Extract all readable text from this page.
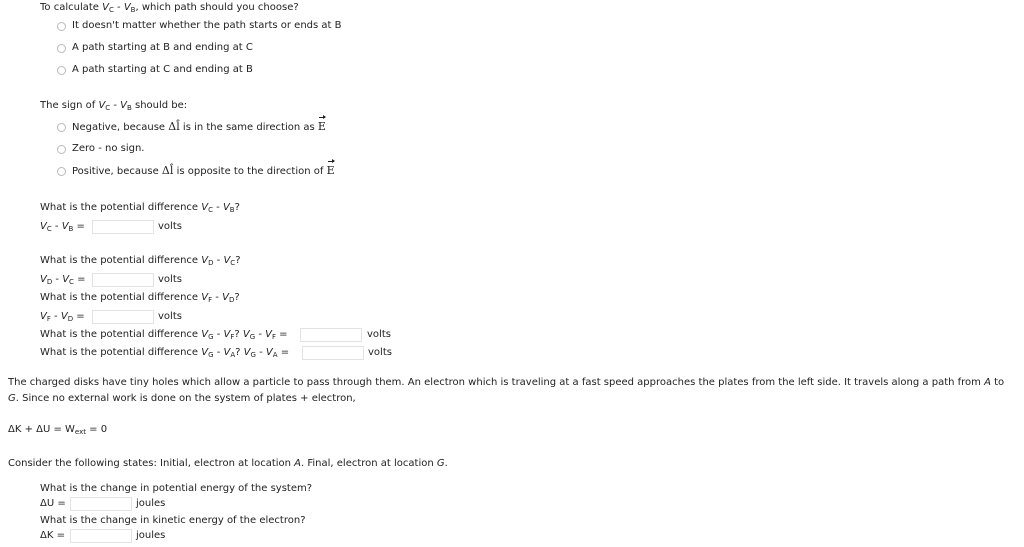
To calculate $V_C - V_B$, which path should you choose?
It doesn't matter whether the path starts or ends at B
A path starting at B and ending at C
A path starting at C and ending at B
The sign of $V_C - V_B$ should be:
Negative, because Δl̂ is in the same direction as E
Zero - no sign.
Positive, because Δl̂ is opposite to the direction of E
What is the potential difference $V_C - V_B$?
$V_C - V_B$ =	volts
What is the potential difference $V_D - V_C$?
$V_D - V_C$ =	volts
What is the potential difference $V_F - V_D$?
$V_F - V_D$ =	volts
What is the potential difference $V_G - V_F$? $V_G - V_F$ =	volts
What is the potential difference $V_G - V_A$? $V_G - V_A$ =	volts
The charged disks have tiny holes which allow a particle to pass through them. An electron which is traveling at a fast speed approaches the plates from the left side. It travels along a path from A to
G. Since no external work is done on the system of plates + electron,
$\Delta K + \Delta U = W_{ext} = 0$
Consider the following states: Initial, electron at location A. Final, electron at location G.
What is the change in potential energy of the system?
ΔU =	joules
What is the change in kinetic energy of the electron?
ΔK =	joules
